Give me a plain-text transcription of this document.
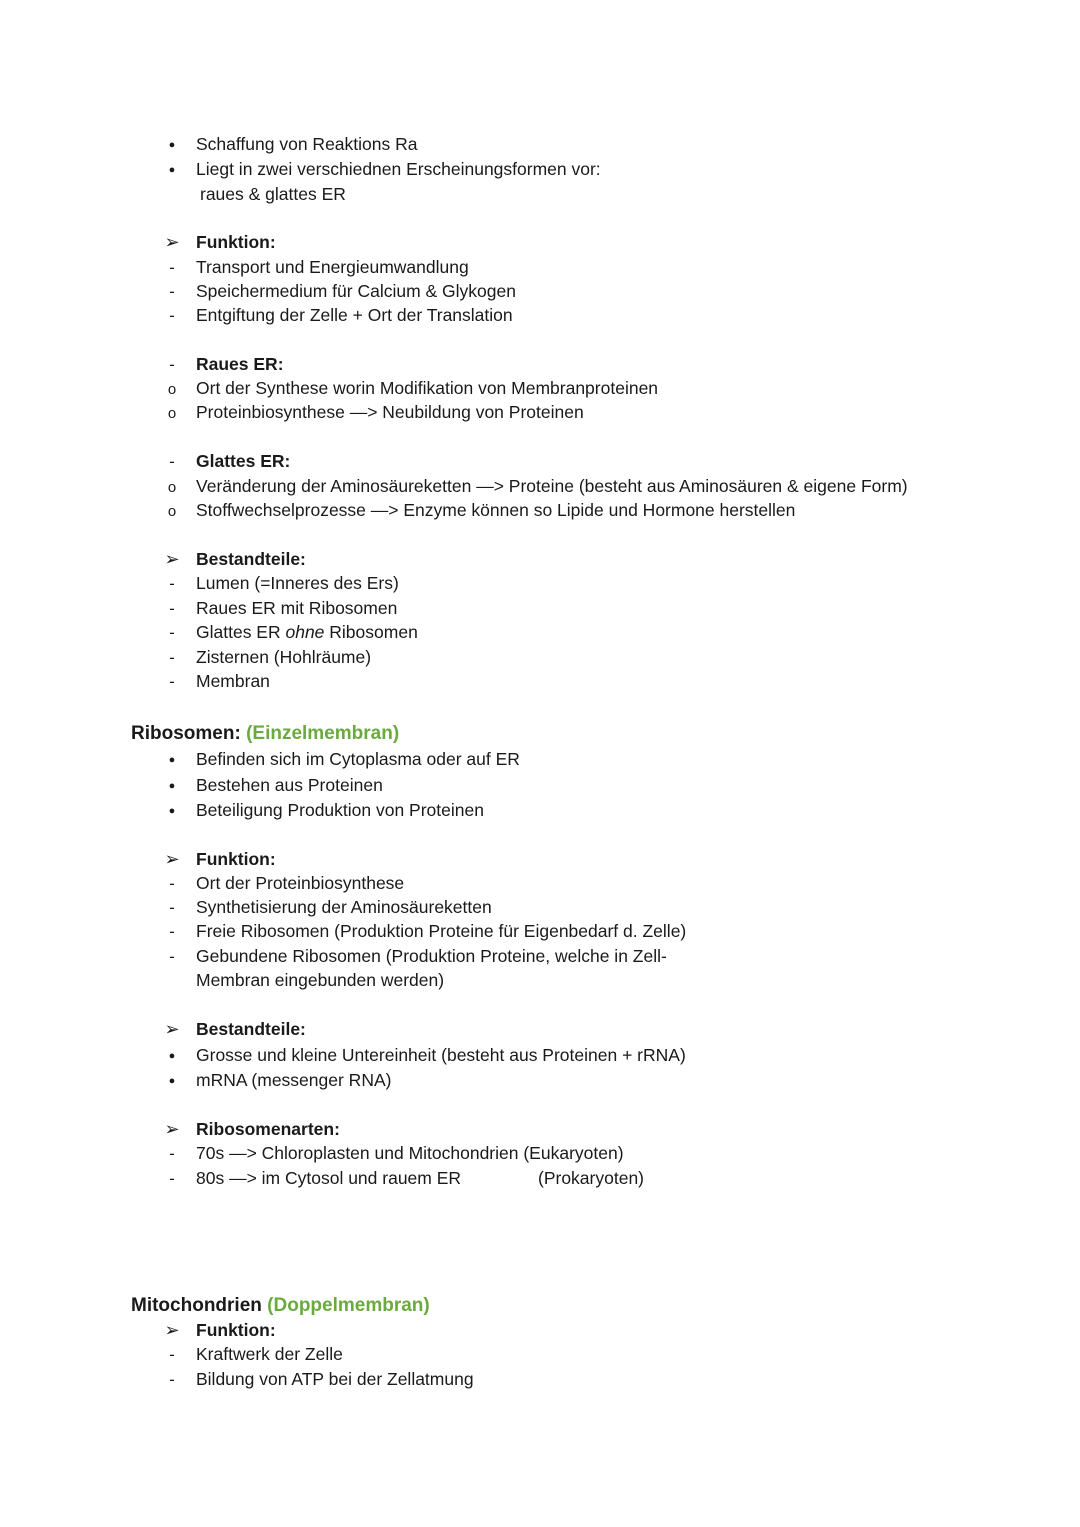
●
Schaffung von Reaktions Ra
●
Liegt in zwei verschiednen Erscheinungsformen vor:
raues & glattes ER
➢
Funktion:
-
Transport und Energieumwandlung
-
Speichermedium für Calcium & Glykogen
-
Entgiftung der Zelle + Ort der Translation
-
Raues ER:
o
Ort der Synthese worin Modifikation von Membranproteinen
o
Proteinbiosynthese —> Neubildung von Proteinen
-
Glattes ER:
o
Veränderung der Aminosäureketten —> Proteine (besteht aus Aminosäuren & eigene Form)
o
Stoffwechselprozesse —> Enzyme können so Lipide und Hormone herstellen
➢
Bestandteile:
-
Lumen (=Inneres des Ers)
-
Raues ER mit Ribosomen
-
Glattes ER ohne Ribosomen
-
Zisternen (Hohlräume)
-
Membran
Ribosomen: (Einzelmembran)
●
Befinden sich im Cytoplasma oder auf ER
●
Bestehen aus Proteinen
●
Beteiligung Produktion von Proteinen
➢
Funktion:
-
Ort der Proteinbiosynthese
-
Synthetisierung der Aminosäureketten
-
Freie Ribosomen (Produktion Proteine für Eigenbedarf d. Zelle)
-
Gebundene Ribosomen (Produktion Proteine, welche in Zell-
Membran eingebunden werden)
➢
Bestandteile:
●
Grosse und kleine Untereinheit (besteht aus Proteinen + rRNA)
●
mRNA (messenger RNA)
➢
Ribosomenarten:
-
70s —> Chloroplasten und Mitochondrien (Eukaryoten)
-
80s —> im Cytosol und rauem ER	(Prokaryoten)
Mitochondrien (Doppelmembran)
➢
Funktion:
-
Kraftwerk der Zelle
-
Bildung von ATP bei der Zellatmung
